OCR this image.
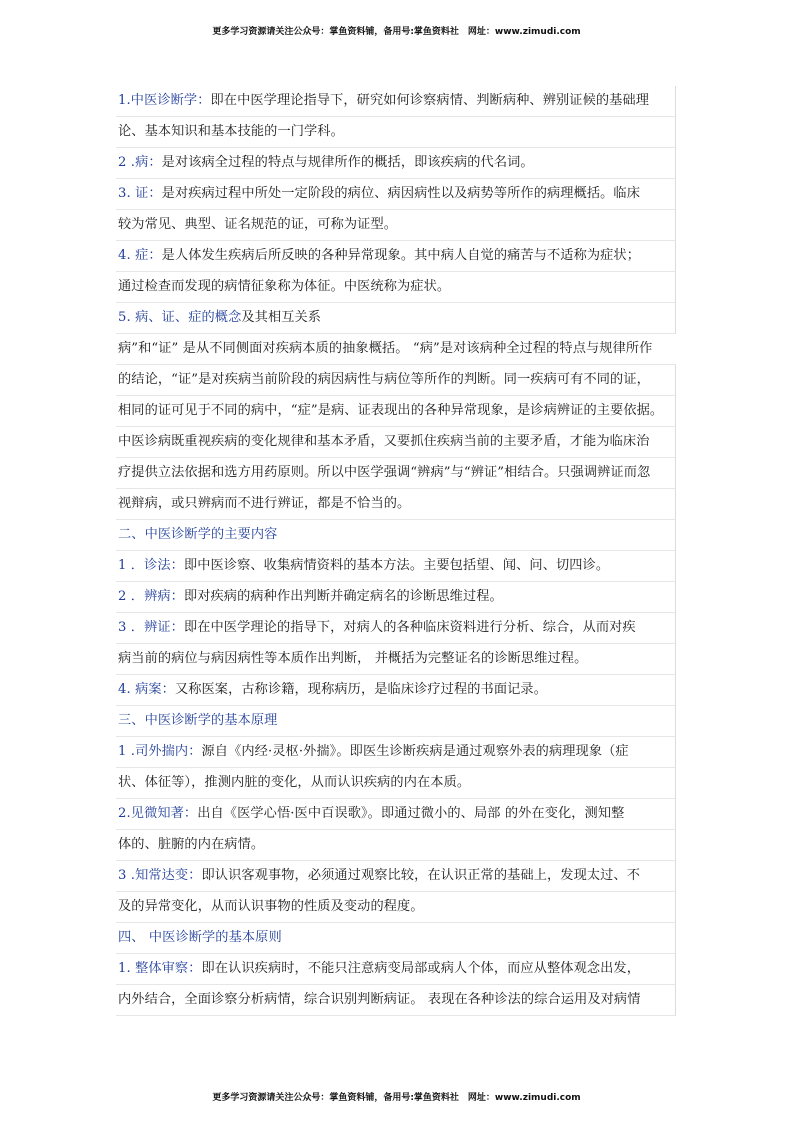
更多学习资源请关注公众号：掌鱼资料铺，备用号:掌鱼资料社　网址：www.zimudi.com
1.中医诊断学：即在中医学理论指导下，研究如何诊察病情、判断病种、辨别证候的基础理
论、基本知识和基本技能的一门学科。
2 .病：是对该病全过程的特点与规律所作的概括，即该疾病的代名词。
3. 证：是对疾病过程中所处一定阶段的病位、病因病性以及病势等所作的病理概括。临床
较为常见、典型、证名规范的证，可称为证型。
4. 症：是人体发生疾病后所反映的各种异常现象。其中病人自觉的痛苦与不适称为症状；
通过检查而发现的病情征象称为体征。中医统称为症状。
5. 病、证、症的概念及其相互关系
病”和“证” 是从不同侧面对疾病本质的抽象概括。 “病”是对该病种全过程的特点与规律所作
的结论，“证”是对疾病当前阶段的病因病性与病位等所作的判断。同一疾病可有不同的证，
相同的证可见于不同的病中，“症”是病、证表现出的各种异常现象，是诊病辨证的主要依据。
中医诊病既重视疾病的变化规律和基本矛盾，又要抓住疾病当前的主要矛盾，才能为临床治
疗提供立法依据和选方用药原则。所以中医学强调“辨病”与“辨证”相结合。只强调辨证而忽
视辩病，或只辨病而不进行辨证，都是不恰当的。
二、中医诊断学的主要内容
1 ．诊法：即中医诊察、收集病情资料的基本方法。主要包括望、闻、问、切四诊。
2 ．辨病：即对疾病的病种作出判断并确定病名的诊断思维过程。
3 ．辨证：即在中医学理论的指导下，对病人的各种临床资料进行分析、综合，从而对疾
病当前的病位与病因病性等本质作出判断， 并概括为完整证名的诊断思维过程。
4. 病案：又称医案，古称诊籍，现称病历，是临床诊疗过程的书面记录。
三、中医诊断学的基本原理
1 .司外揣内：源自《内经·灵枢·外揣》。即医生诊断疾病是通过观察外表的病理现象（症
状、体征等），推测内脏的变化，从而认识疾病的内在本质。
2.见微知著：出自《医学心悟·医中百误歌》。即通过微小的、局部 的外在变化，测知整
体的、脏腑的内在病情。
3 .知常达变：即认识客观事物，必须通过观察比较，在认识正常的基础上，发现太过、不
及的异常变化，从而认识事物的性质及变动的程度。
四、 中医诊断学的基本原则
1. 整体审察：即在认识疾病时，不能只注意病变局部或病人个体，而应从整体观念出发，
内外结合，全面诊察分析病情，综合识别判断病证。 表现在各种诊法的综合运用及对病情
更多学习资源请关注公众号：掌鱼资料铺，备用号:掌鱼资料社　网址：www.zimudi.com
